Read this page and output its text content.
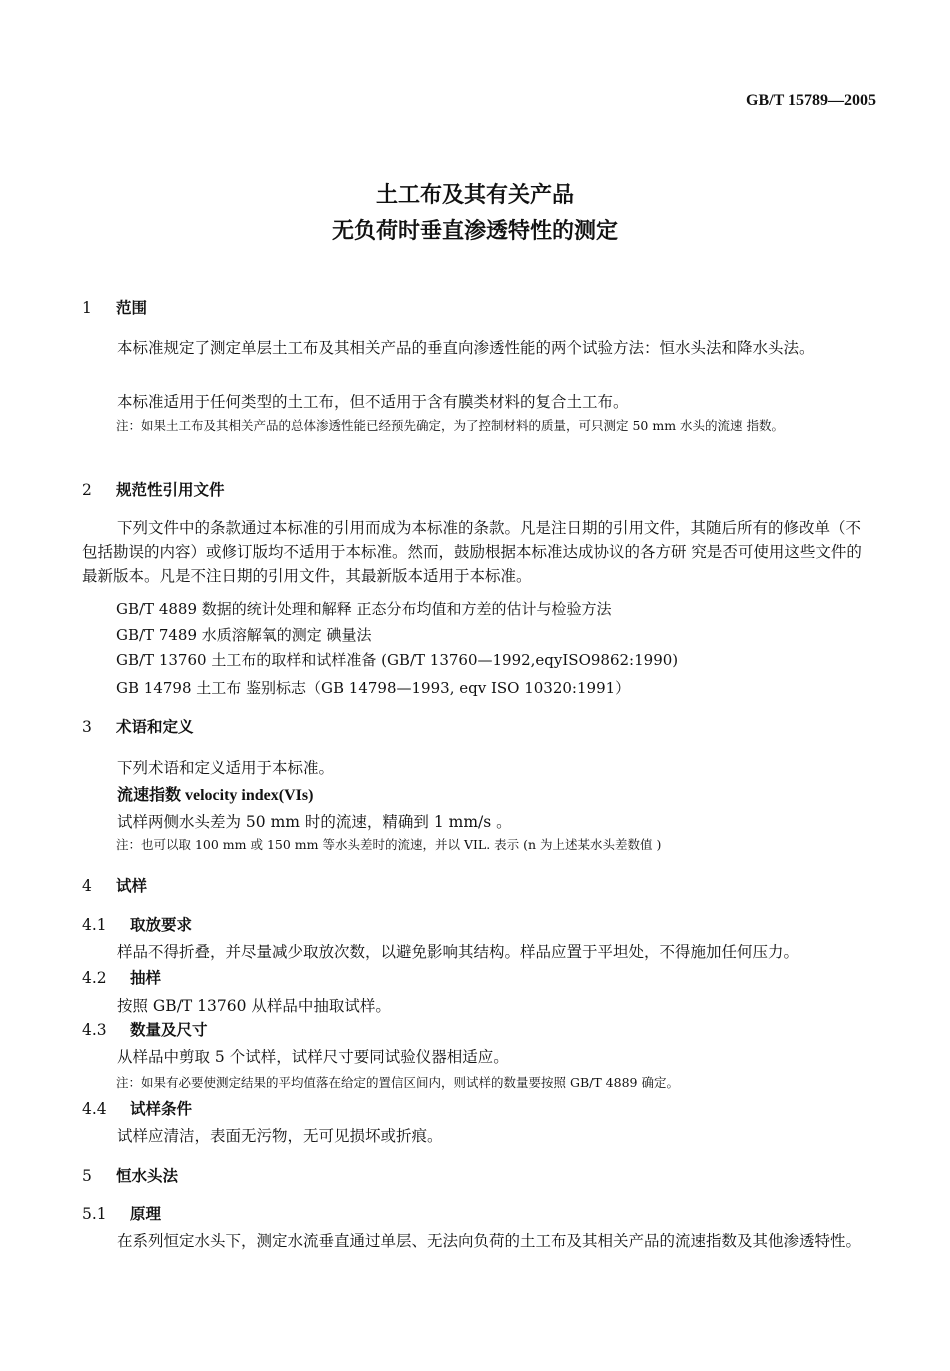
GB/T 15789—2005
土工布及其有关产品
无负荷时垂直渗透特性的测定
1 范围
本标准规定了测定单层土工布及其相关产品的垂直向渗透性能的两个试验方法：恒水头法和降水头法。
本标准适用于任何类型的土工布，但不适用于含有膜类材料的复合土工布。
注：如果土工布及其相关产品的总体渗透性能已经预先确定，为了控制材料的质量，可只测定 50 mm 水头的流速 指数。
2 规范性引用文件
下列文件中的条款通过本标准的引用而成为本标准的条款。凡是注日期的引用文件，其随后所有的修改单（不包括勘误的内容）或修订版均不适用于本标准。然而，鼓励根据本标准达成协议的各方研 究是否可使用这些文件的最新版本。凡是不注日期的引用文件，其最新版本适用于本标准。
GB/T 4889 数据的统计处理和解释 正态分布均值和方差的估计与检验方法
GB/T 7489 水质溶解氧的测定 碘量法
GB/T 13760 土工布的取样和试样准备 (GB/T 13760—1992,eqyISO9862:1990)
GB 14798 土工布 鉴别标志（GB 14798—1993, eqv ISO 10320:1991）
3 术语和定义
下列术语和定义适用于本标准。
流速指数 velocity index(VIs)
试样两侧水头差为 50 mm 时的流速，精确到 1 mm/s 。
注：也可以取 100 mm 或 150 mm 等水头差时的流速，并以 VIL. 表示 (n 为上述某水头差数值 )
4 试样
4.1 取放要求
样品不得折叠，并尽量减少取放次数，以避免影响其结构。样品应置于平坦处，不得施加任何压力。
4.2 抽样
按照 GB/T 13760 从样品中抽取试样。
4.3 数量及尺寸
从样品中剪取 5 个试样，试样尺寸要同试验仪器相适应。
注：如果有必要使测定结果的平均值落在给定的置信区间内，则试样的数量要按照 GB/T 4889 确定。
4.4 试样条件
试样应清洁，表面无污物，无可见损坏或折痕。
5 恒水头法
5.1 原理
在系列恒定水头下，测定水流垂直通过单层、无法向负荷的土工布及其相关产品的流速指数及其他渗透特性。
